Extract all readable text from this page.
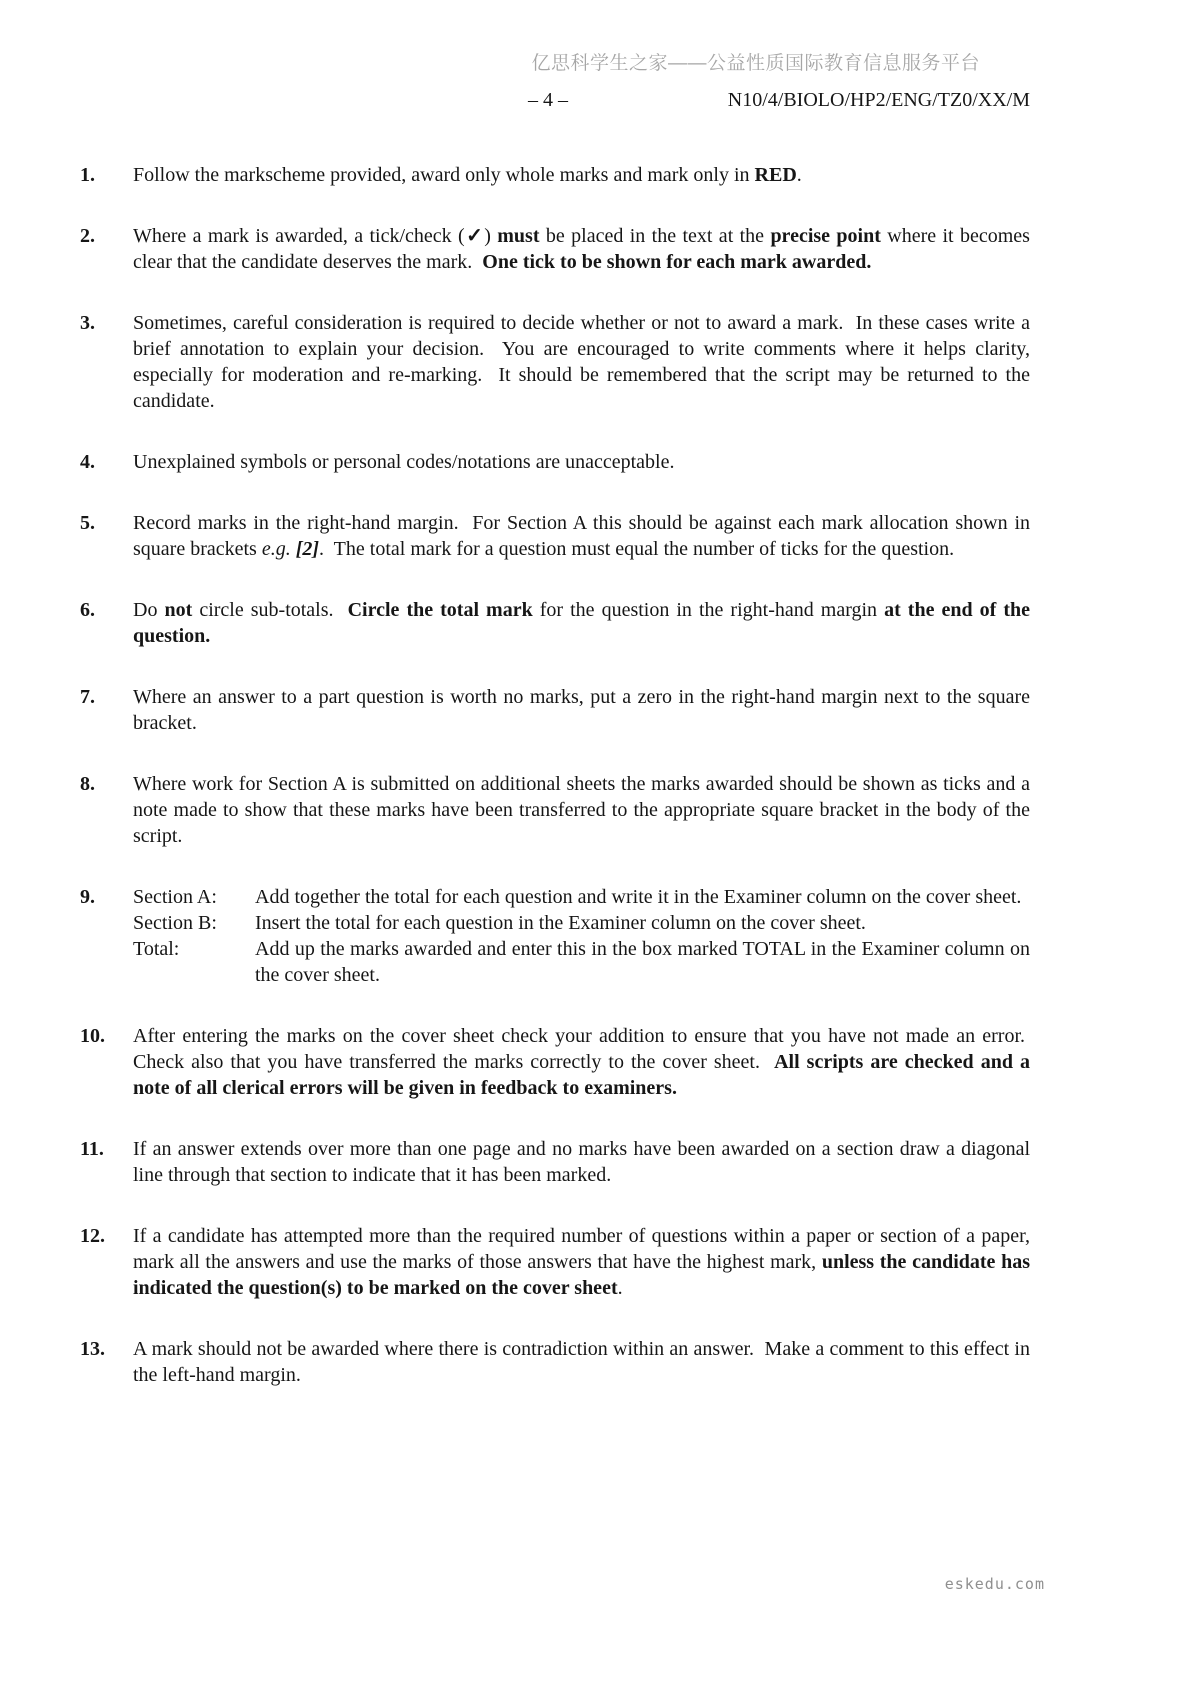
亿思科学生之家——公益性质国际教育信息服务平台
– 4 –	N10/4/BIOLO/HP2/ENG/TZ0/XX/M
1.	Follow the markscheme provided, award only whole marks and mark only in RED.
2.	Where a mark is awarded, a tick/check (✓) must be placed in the text at the precise point where it becomes clear that the candidate deserves the mark.  One tick to be shown for each mark awarded.
3.	Sometimes, careful consideration is required to decide whether or not to award a mark.  In these cases write a brief annotation to explain your decision.  You are encouraged to write comments where it helps clarity, especially for moderation and re-marking.  It should be remembered that the script may be returned to the candidate.
4.	Unexplained symbols or personal codes/notations are unacceptable.
5.	Record marks in the right-hand margin.  For Section A this should be against each mark allocation shown in square brackets e.g. [2].  The total mark for a question must equal the number of ticks for the question.
6.	Do not circle sub-totals.  Circle the total mark for the question in the right-hand margin at the end of the question.
7.	Where an answer to a part question is worth no marks, put a zero in the right-hand margin next to the square bracket.
8.	Where work for Section A is submitted on additional sheets the marks awarded should be shown as ticks and a note made to show that these marks have been transferred to the appropriate square bracket in the body of the script.
9.	Section A:	Add together the total for each question and write it in the Examiner column on the cover sheet.
Section B:	Insert the total for each question in the Examiner column on the cover sheet.
Total:	Add up the marks awarded and enter this in the box marked TOTAL in the Examiner column on the cover sheet.
10.	After entering the marks on the cover sheet check your addition to ensure that you have not made an error.  Check also that you have transferred the marks correctly to the cover sheet.  All scripts are checked and a note of all clerical errors will be given in feedback to examiners.
11.	If an answer extends over more than one page and no marks have been awarded on a section draw a diagonal line through that section to indicate that it has been marked.
12.	If a candidate has attempted more than the required number of questions within a paper or section of a paper, mark all the answers and use the marks of those answers that have the highest mark, unless the candidate has indicated the question(s) to be marked on the cover sheet.
13.	A mark should not be awarded where there is contradiction within an answer.  Make a comment to this effect in the left-hand margin.
eskedu.com
